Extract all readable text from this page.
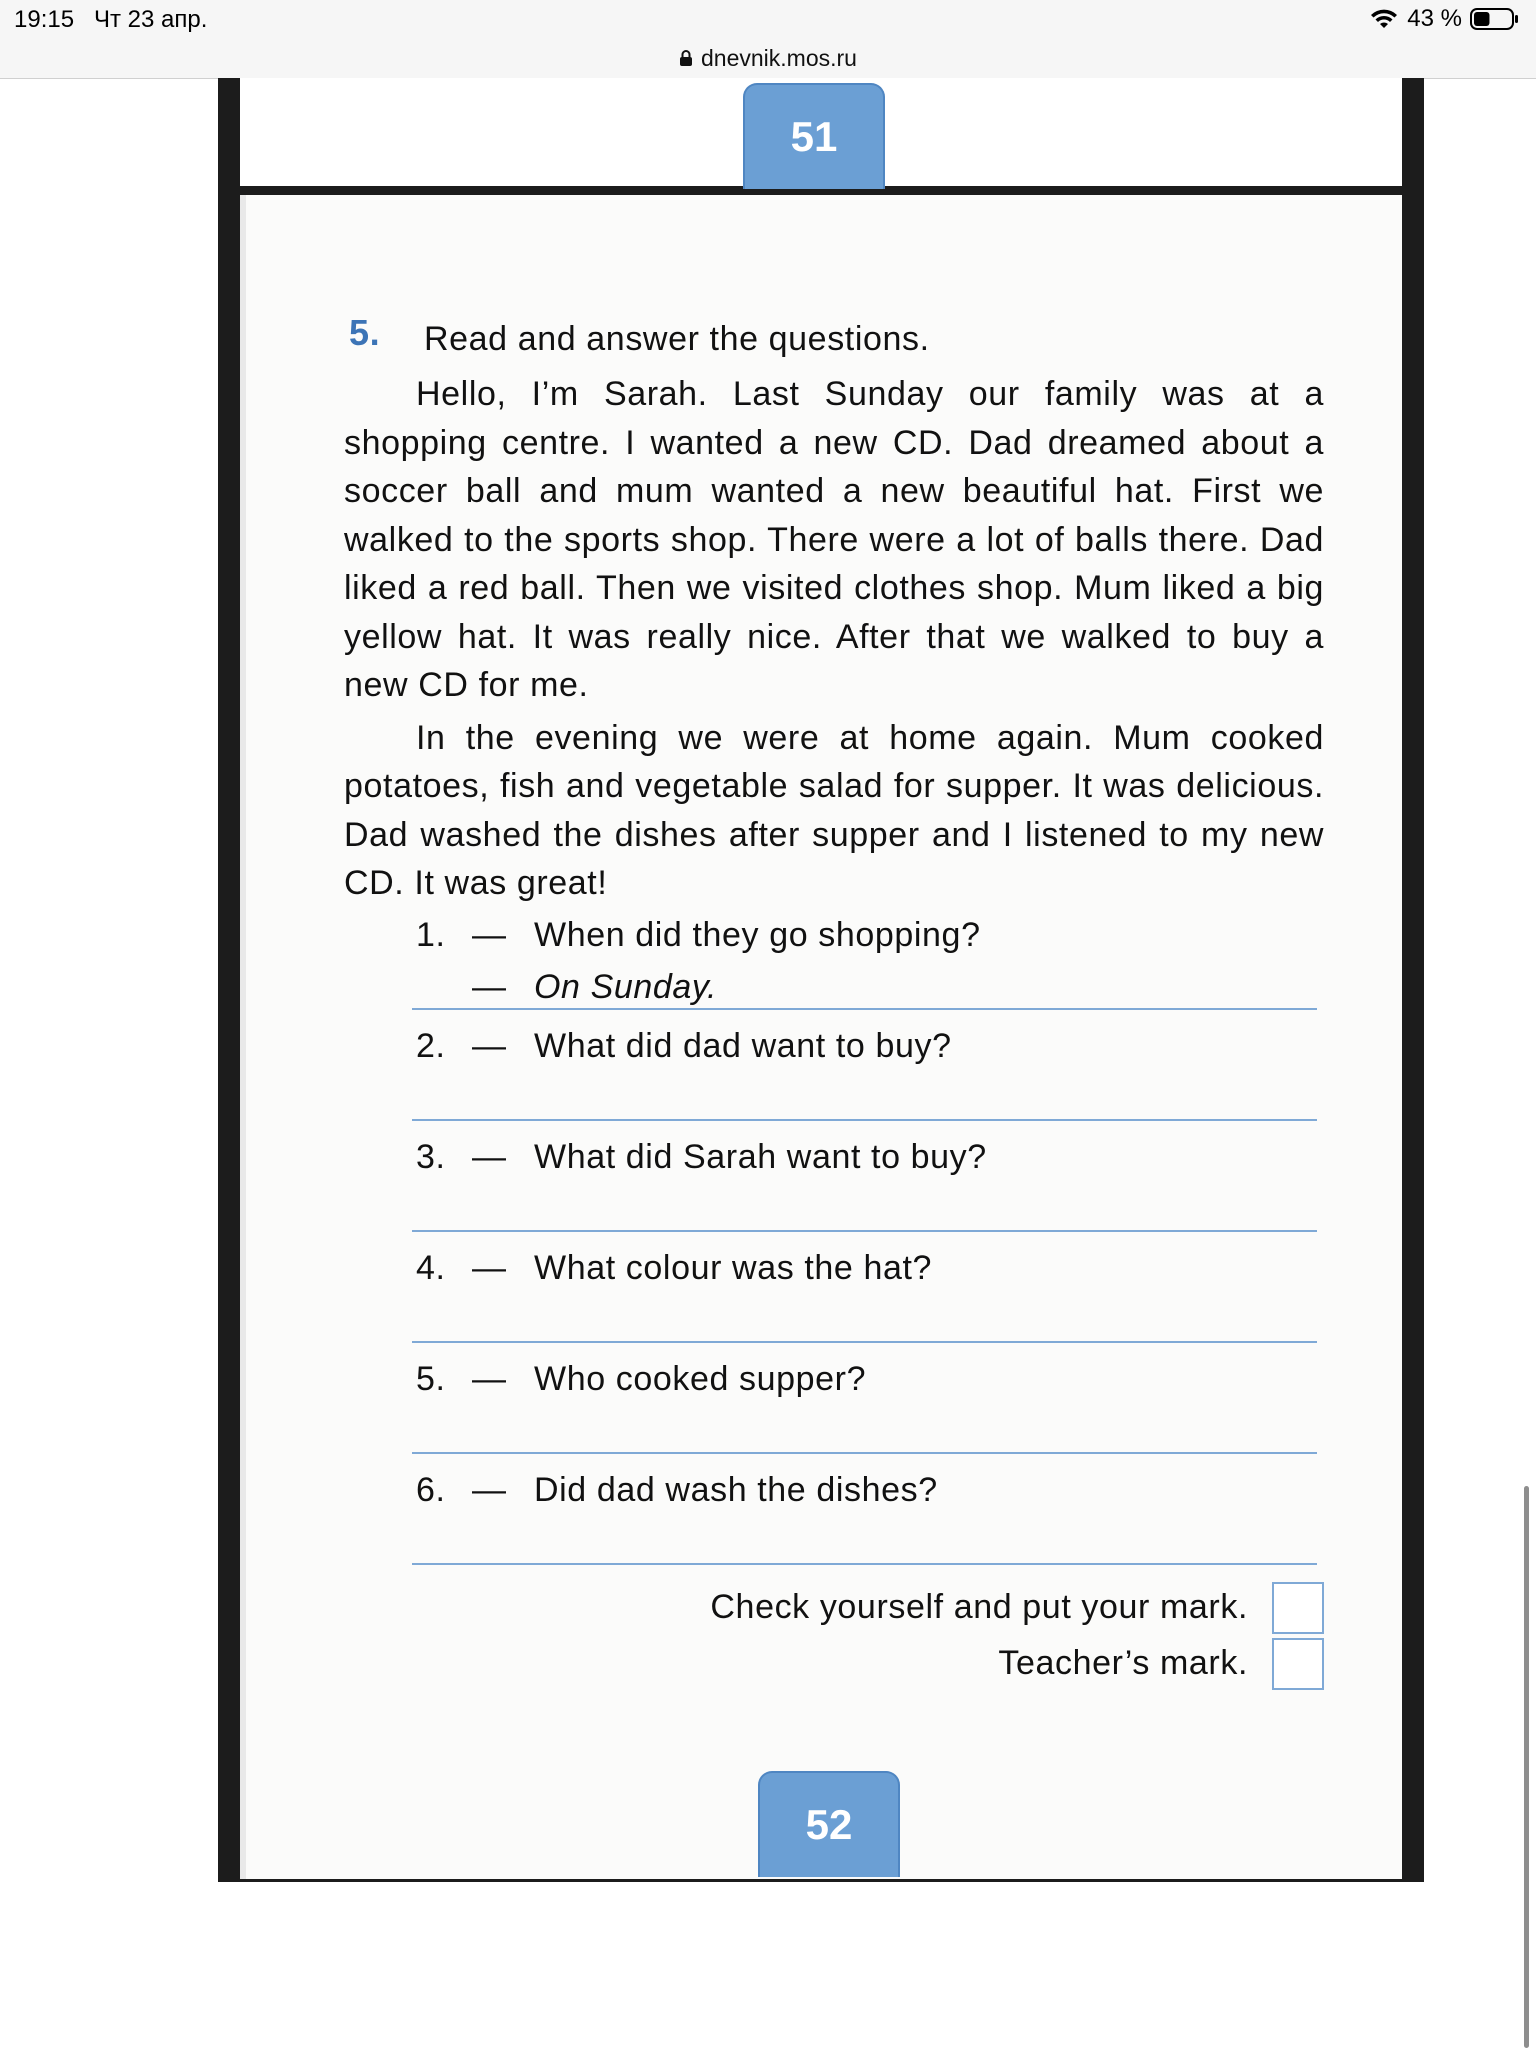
19:15 Чт 23 апр.	43 %
dnevnik.mos.ru
51
5. Read and answer the questions.

Hello, I’m Sarah. Last Sunday our family was at a shopping centre. I wanted a new CD. Dad dreamed about a soccer ball and mum wanted a new beautiful hat. First we walked to the sports shop. There were a lot of balls there. Dad liked a red ball. Then we visited clothes shop. Mum liked a big yellow hat. It was really nice. After that we walked to buy a new CD for me.

In the evening we were at home again. Mum cooked potatoes, fish and vegetable salad for supper. It was delicious. Dad washed the dishes after supper and I listened to my new CD. It was great!

1. — When did they go shopping?
— On Sunday.
2. — What did dad want to buy?
3. — What did Sarah want to buy?
4. — What colour was the hat?
5. — Who cooked supper?
6. — Did dad wash the dishes?
Check yourself and put your mark.
Teacher’s mark.
52
